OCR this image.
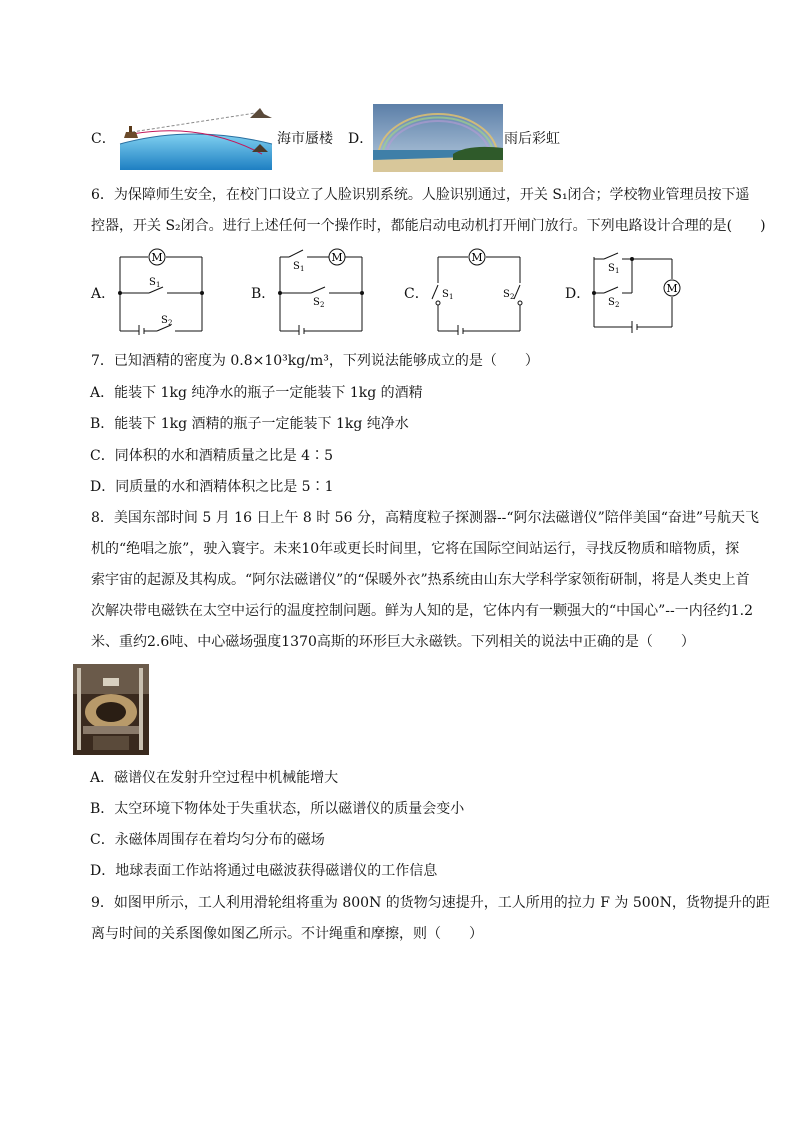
C．	海市蜃楼 D．	雨后彩虹
6．为保障师生安全，在校门口设立了人脸识别系统。人脸识别通过，开关 S₁闭合；学校物业管理员按下遥
控器，开关 S₂闭合。进行上述任何一个操作时，都能启动电动机打开闸门放行。下列电路设计合理的是(　　)
A．
M
S 1
S 2
B．
M
S 1
S 2
C．
M
S 1	S 2	D．	M
S 1
S 2
7．已知酒精的密度为 0.8×10³kg/m³，下列说法能够成立的是（　　）
A．能装下 1kg 纯净水的瓶子一定能装下 1kg 的酒精
B．能装下 1kg 酒精的瓶子一定能装下 1kg 纯净水
C．同体积的水和酒精质量之比是 4∶5
D．同质量的水和酒精体积之比是 5∶1
8．美国东部时间 5 月 16 日上午 8 时 56 分，高精度粒子探测器--“阿尔法磁谱仪”陪伴美国“奋进”号航天飞
机的“绝唱之旅”，驶入寰宇。未来10年或更长时间里，它将在国际空间站运行，寻找反物质和暗物质，探
索宇宙的起源及其构成。“阿尔法磁谱仪”的“保暖外衣”热系统由山东大学科学家领衔研制，将是人类史上首
次解决带电磁铁在太空中运行的温度控制问题。鲜为人知的是，它体内有一颗强大的“中国心”--一内径约1.2
米、重约2.6吨、中心磁场强度1370高斯的环形巨大永磁铁。下列相关的说法中正确的是（　　）
A．磁谱仪在发射升空过程中机械能增大
B．太空环境下物体处于失重状态，所以磁谱仪的质量会变小
C．永磁体周围存在着均匀分布的磁场
D．地球表面工作站将通过电磁波获得磁谱仪的工作信息
9．如图甲所示，工人利用滑轮组将重为 800N 的货物匀速提升，工人所用的拉力 F 为 500N，货物提升的距
离与时间的关系图像如图乙所示。不计绳重和摩擦，则（　　）
